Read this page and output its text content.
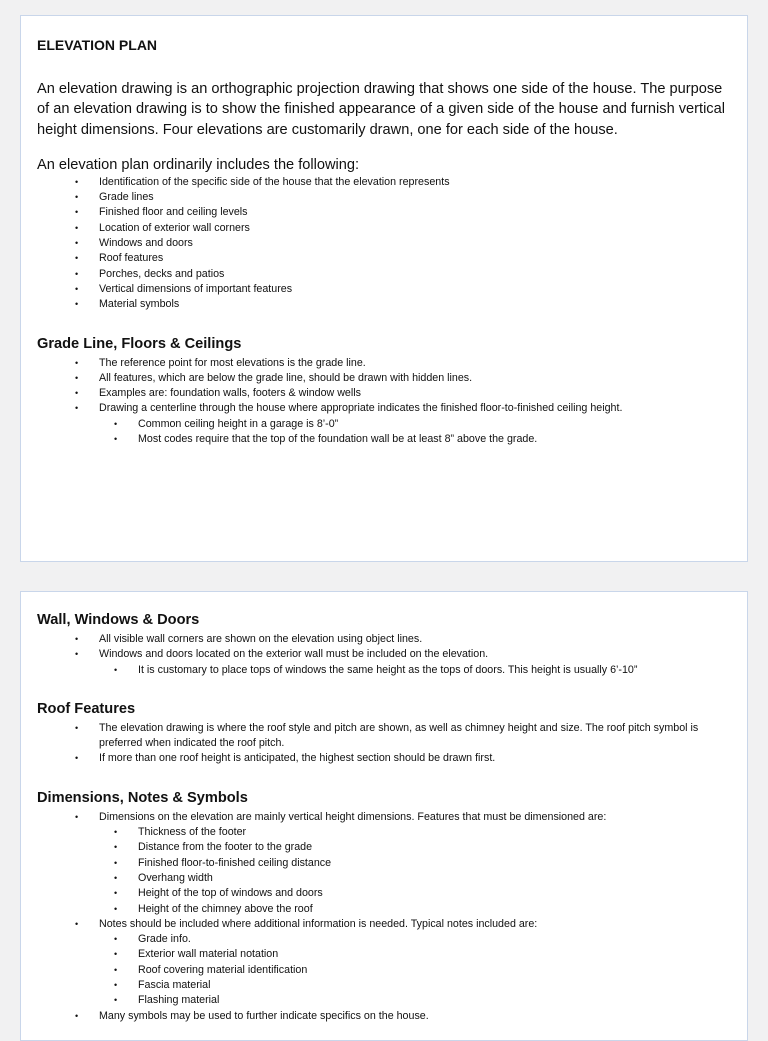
ELEVATION PLAN

An elevation drawing is an orthographic projection drawing that shows one side of the house. The purpose of an elevation drawing is to show the finished appearance of a given side of the house and furnish vertical height dimensions. Four elevations are customarily drawn, one for each side of the house.

An elevation plan ordinarily includes the following:

• Identification of the specific side of the house that the elevation represents
• Grade lines
• Finished floor and ceiling levels
• Location of exterior wall corners
• Windows and doors
• Roof features
• Porches, decks and patios
• Vertical dimensions of important features
• Material symbols
Grade Line, Floors & Ceilings
• The reference point for most elevations is the grade line.
• All features, which are below the grade line, should be drawn with hidden lines.
• Examples are: foundation walls, footers & window wells
• Drawing a centerline through the house where appropriate indicates the finished floor-to-finished ceiling height.
• Common ceiling height in a garage is 8’-0”
• Most codes require that the top of the foundation wall be at least 8” above the grade.
Wall, Windows & Doors
• All visible wall corners are shown on the elevation using object lines.
• Windows and doors located on the exterior wall must be included on the elevation.
• It is customary to place tops of windows the same height as the tops of doors. This height is usually 6’-10”
Roof Features
• The elevation drawing is where the roof style and pitch are shown, as well as chimney height and size. The roof pitch symbol is preferred when indicated the roof pitch.
• If more than one roof height is anticipated, the highest section should be drawn first.
Dimensions, Notes & Symbols
• Dimensions on the elevation are mainly vertical height dimensions. Features that must be dimensioned are:
• Thickness of the footer
• Distance from the footer to the grade
• Finished floor-to-finished ceiling distance
• Overhang width
• Height of the top of windows and doors
• Height of the chimney above the roof
• Notes should be included where additional information is needed. Typical notes included are:
• Grade info.
• Exterior wall material notation
• Roof covering material identification
• Fascia material
• Flashing material
• Many symbols may be used to further indicate specifics on the house.
